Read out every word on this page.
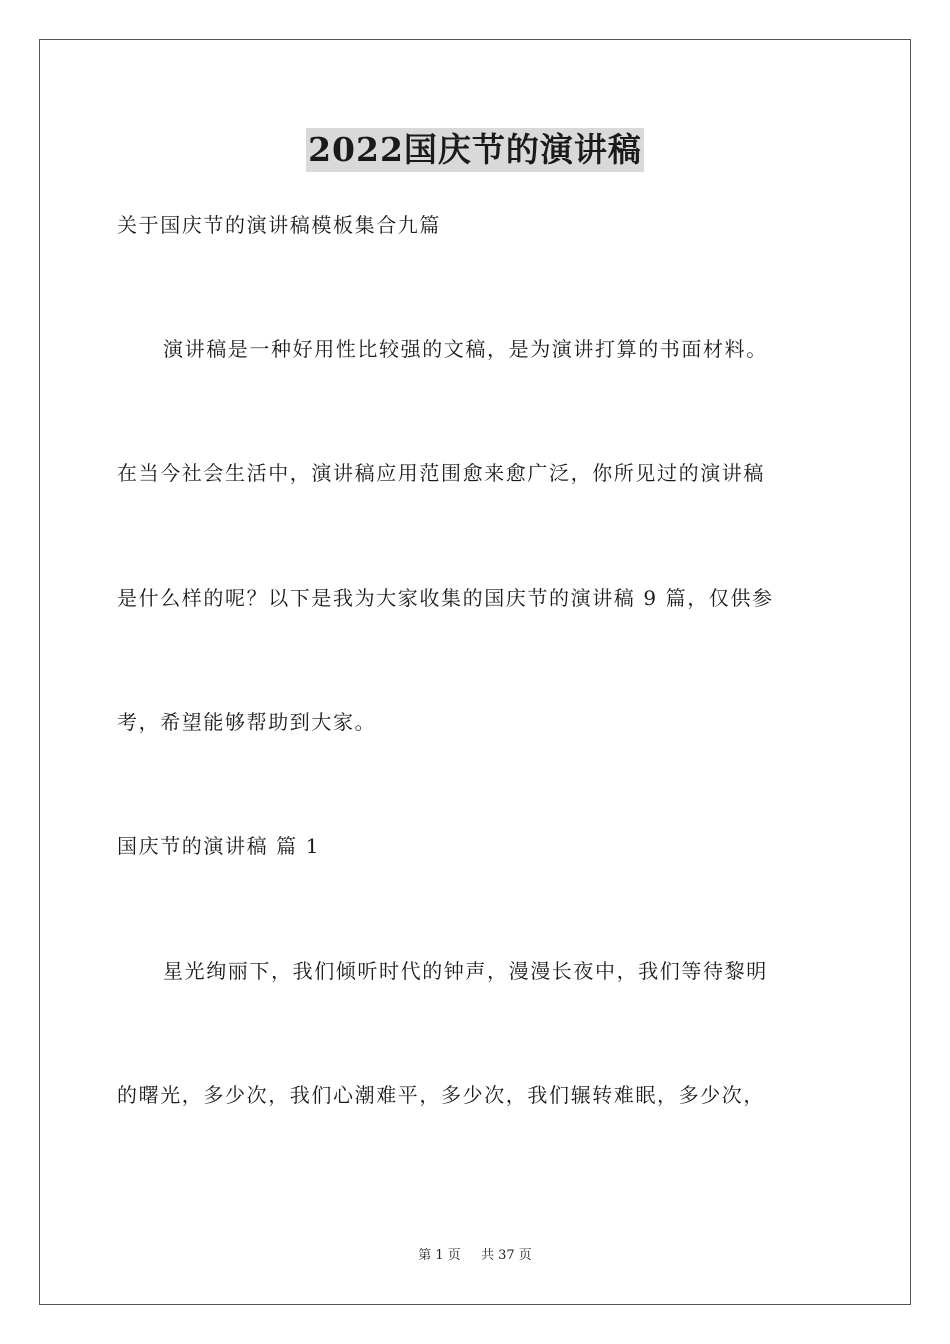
2022国庆节的演讲稿
关于国庆节的演讲稿模板集合九篇
演讲稿是一种好用性比较强的文稿，是为演讲打算的书面材料。
在当今社会生活中，演讲稿应用范围愈来愈广泛，你所见过的演讲稿
是什么样的呢？以下是我为大家收集的国庆节的演讲稿 9 篇，仅供参
考，希望能够帮助到大家。
国庆节的演讲稿 篇 1
星光绚丽下，我们倾听时代的钟声，漫漫长夜中，我们等待黎明
的曙光，多少次，我们心潮难平，多少次，我们辗转难眠，多少次，
第 1 页 共 37 页
